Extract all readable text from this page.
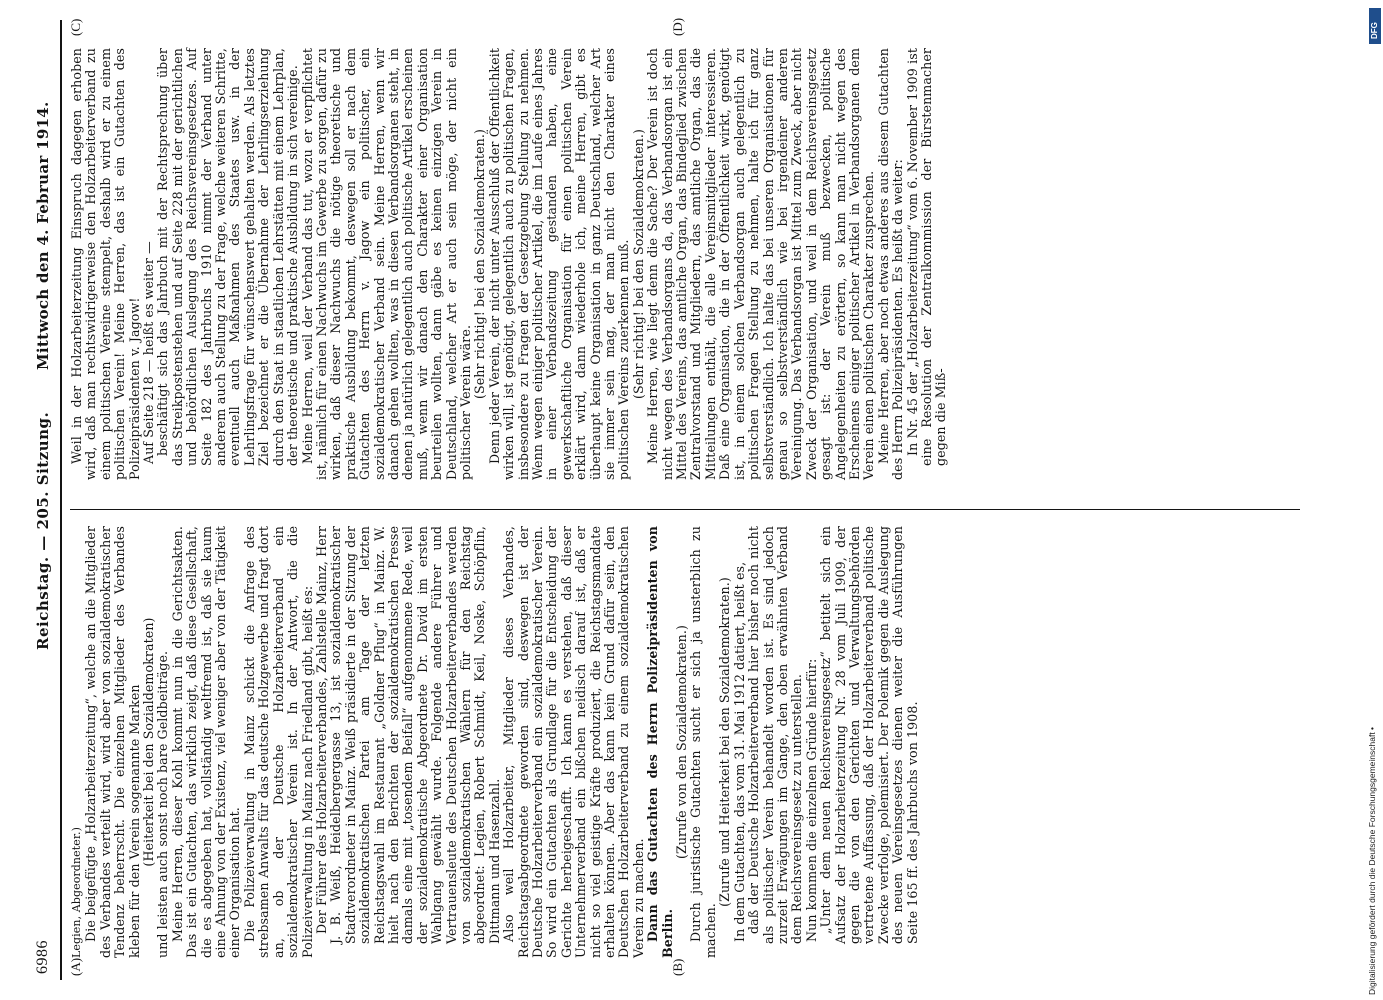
6986
Reichstag. — 205. Sitzung.
Mittwoch den 4. Februar 1914.
(A)	(B)
(C)	(D)

Legien, Abgeordneter.) Die beigefügte „Holzarbeiterzeitung“, welche an die Mitglieder des Verbandes verteilt wird, wird aber von sozialdemokratischer Tendenz beherrscht. Die einzelnen Mitglieder des Verbandes kleben für den Verein sogenannte Marken (Heiterkeit bei den Sozialdemokraten) und leisten auch sonst noch bare Geldbeiträge. Meine Herren, dieser Kohl kommt nun in die Gerichtsakten. Das ist ein Gutachten, das wirklich zeigt, daß diese Gesellschaft, die es abgegeben hat, vollständig weltfremd ist, daß sie kaum eine Ahnung von der Existenz, viel weniger aber von der Tätigkeit einer Organisation hat. Die Polizeiverwaltung in Mainz schickt die Anfrage des strebsamen Anwalts für das deutsche Holzgewerbe und fragt dort an, ob der Deutsche Holzarbeiterverband ein sozialdemokratischer Verein ist. In der Antwort, die die Polizeiverwaltung in Mainz nach Friedland gibt, heißt es: Der Führer des Holzarbeiterverbandes, Zahlstelle Mainz, Herr J. B. Weiß, Heidelbergergasse 13, ist sozialdemokratischer Stadtverordneter in Mainz. Weiß präsidierte in der Sitzung der sozialdemokratischen Partei am Tage der letzten Reichstagswahl im Restaurant „Goldner Pflug“ in Mainz. W. hielt nach den Berichten der sozialdemokratischen Presse damals eine mit „tosendem Beifall“ aufgenommene Rede, weil der sozialdemokratische Abgeordnete Dr. David im ersten Wahlgang gewählt wurde. Folgende andere Führer und Vertrauensleute des Deutschen Holzarbeiterverbandes werden von sozialdemokratischen Wählern für den Reichstag abgeordnet: Legien, Robert Schmidt, Keil, Noske, Schöpflin, Dittmann und Hasenzahl. Also weil Holzarbeiter, Mitglieder dieses Verbandes, Reichstagsabgeordnete geworden sind, deswegen ist der Deutsche Holzarbeiterverband ein sozialdemokratischer Verein. So wird ein Gutachten als Grundlage für die Entscheidung der Gerichte herbeigeschafft. Ich kann es verstehen, daß dieser Unternehmerverband ein bißchen neidisch darauf ist, daß er nicht so viel geistige Kräfte produziert, die Reichstagsmandate erhalten können. Aber das kann kein Grund dafür sein, den Deutschen Holzarbeiterverband zu einem sozialdemokratischen Verein zu machen. Dann das Gutachten des Herrn Polizeipräsidenten von Berlin.

(Zurufe von den Sozialdemokraten.) Durch juristische Gutachten sucht er sich ja unsterblich zu machen.

(Zurufe und Heiterkeit bei den Sozialdemokraten.) In dem Gutachten, das vom 31. Mai 1912 datiert, heißt es, daß der Deutsche Holzarbeiterverband hier bisher noch nicht als politischer Verein behandelt worden ist. Es sind jedoch zurzeit Erwägungen im Gange, den oben erwähnten Verband dem Reichsvereinsgesetz zu unterstellen. Nun kommen die einzelnen Gründe hierfür: „Unter dem neuen Reichsvereinsgesetz“ betitelt sich ein Aufsatz der Holzarbeiterzeitung Nr. 28 vom Juli 1909, der gegen die von den Gerichten und Verwaltungsbehörden vertretene Auffassung, daß der Holzarbeiterverband politische Zwecke verfolge, polemisiert. Der Polemik gegen die Auslegung des neuen Vereinsgesetzes dienen weiter die Ausführungen Seite 165 ff. des Jahrbuchs von 1908.

Weil in der Holzarbeiterzeitung Einspruch dagegen erhoben wird, daß man rechtswidrigerweise den Holzarbeiterverband zu einem politischen Vereine stempelt, deshalb wird er zu einem politischen Verein! Meine Herren, das ist ein Gutachten des Polizeipräsidenten v. Jagow! Auf Seite 218 — heißt es weiter — beschäftigt sich das Jahrbuch mit der Rechtsprechung über das Streikpostenstehen und auf Seite 228 mit der gerichtlichen und behördlichen Auslegung des Reichsvereinsgesetzes. Auf Seite 182 des Jahrbuchs 1910 nimmt der Verband unter anderem auch Stellung zu der Frage, welche weiteren Schritte, eventuell auch Maßnahmen des Staates usw. in der Lehrlingsfrage für wünschenswert gehalten werden. Als letztes Ziel bezeichnet er die Übernahme der Lehrlingserziehung durch den Staat in staatlichen Lehrstätten mit einem Lehrplan, der theoretische und praktische Ausbildung in sich vereinige. Meine Herren, weil der Verband das tut, wozu er verpflichtet ist, nämlich für einen Nachwuchs im Gewerbe zu sorgen, dafür zu wirken, daß dieser Nachwuchs die nötige theoretische und praktische Ausbildung bekommt, deswegen soll er nach dem Gutachten des Herrn v. Jagow ein politischer, ein sozialdemokratischer Verband sein. Meine Herren, wenn wir danach gehen wollten, was in diesen Verbandsorganen steht, in denen ja natürlich gelegentlich auch politische Artikel erscheinen muß, wenn wir danach den Charakter einer Organisation beurteilen wollten, dann gäbe es keinen einzigen Verein in Deutschland, welcher Art er auch sein möge, der nicht ein politischer Verein wäre.

(Sehr richtig! bei den Sozialdemokraten.) Denn jeder Verein, der nicht unter Ausschluß der Öffentlichkeit wirken will, ist genötigt, gelegentlich auch zu politischen Fragen, insbesondere zu Fragen der Gesetzgebung Stellung zu nehmen. Wenn wegen einiger politischer Artikel, die im Laufe eines Jahres in einer Verbandszeitung gestanden haben, eine gewerkschaftliche Organisation für einen politischen Verein erklärt wird, dann wiederhole ich, meine Herren, gibt es überhaupt keine Organisation in ganz Deutschland, welcher Art sie immer sein mag, der man nicht den Charakter eines politischen Vereins zuerkennen muß. (Sehr richtig! bei den Sozialdemokraten.) Meine Herren, wie liegt denn die Sache? Der Verein ist doch nicht wegen des Verbandsorgans da, das Verbandsorgan ist ein Mittel des Vereins, das amtliche Organ, das Bindeglied zwischen Zentralvorstand und Mitgliedern, das amtliche Organ, das die Mitteilungen enthält, die alle Vereinsmitglieder interessieren. Daß eine Organisation, die in der Öffentlichkeit wirkt, genötigt ist, in einem solchen Verbandsorgan auch gelegentlich zu politischen Fragen Stellung zu nehmen, halte ich für ganz selbstverständlich. Ich halte das bei unseren Organisationen für genau so selbstverständlich wie bei irgendeiner anderen Vereinigung. Das Verbandsorgan ist Mittel zum Zweck, aber nicht Zweck der Organisation, und weil in dem Reichsvereinsgesetz gesagt ist: der Verein muß bezwecken, politische Angelegenheiten zu erörtern, so kann man nicht wegen des Erscheinens einiger politischer Artikel in Verbandsorganen dem Verein einen politischen Charakter zusprechen. Meine Herren, aber noch etwas anderes aus diesem Gutachten des Herrn Polizeipräsidenten. Es heißt da weiter: In Nr. 45 der „Holzarbeiterzeitung“ vom 6. November 1909 ist eine Resolution der Zentralkommission der Bürstenmacher gegen die Miß-

Digitalisierung gefördert durch die Deutsche Forschungsgemeinschaft •
DFG
